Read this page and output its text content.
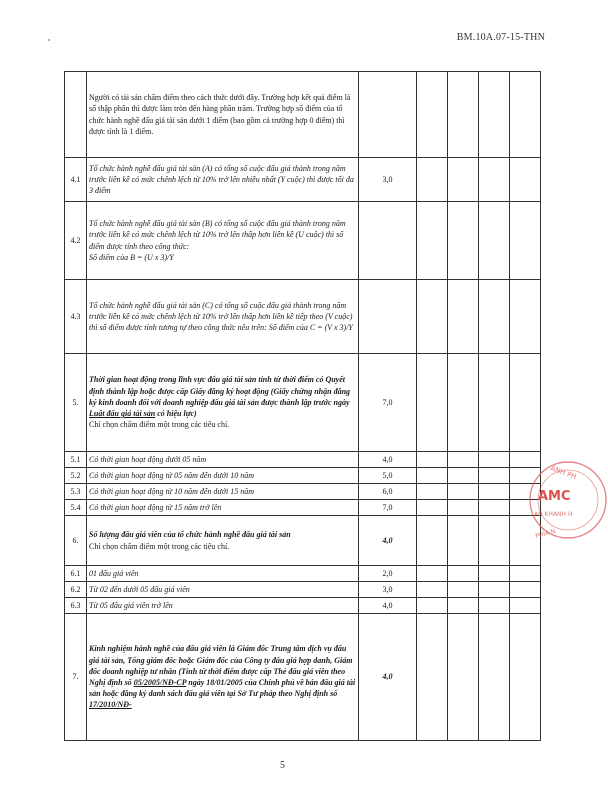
BM.10A.07-15-THN
	Người có tài sản chấm điểm theo cách thức dưới đây. Trường hợp kết quả điểm là số thập phân thì được làm tròn đến hàng phần trăm. Trường hợp số điểm của tổ chức hành nghề đấu giá tài sản dưới 1 điểm (bao gồm cả trường hợp 0 điểm) thì được tính là 1 điểm.					
4.1	Tổ chức hành nghề đấu giá tài sản (A) có tổng số cuộc đấu giá thành trong năm trước liền kề có mức chênh lệch từ 10% trở lên nhiều nhất (Y cuộc) thì được tối đa 3 điểm	3,0				
4.2	Tổ chức hành nghề đấu giá tài sản (B) có tổng số cuộc đấu giá thành trong năm trước liền kề có mức chênh lệch từ 10% trở lên thấp hơn liền kề (U cuộc) thì số điểm được tính theo công thức:
Số điểm của B = (U x 3)/Y					

4.3	Tổ chức hành nghề đấu giá tài sản (C) có tổng số cuộc đấu giá thành trong năm trước liền kề có mức chênh lệch từ 10% trở lên thấp hơn liền kề tiếp theo (V cuộc) thì số điểm được tính tương tự theo công thức nêu trên: Số điểm của C = (V x 3)/Y					
5.	Thời gian hoạt động trong lĩnh vực đấu giá tài sản tính từ thời điểm có Quyết định thành lập hoặc được cấp Giấy đăng ký hoạt động (Giấy chứng nhận đăng ký kinh doanh đối với doanh nghiệp đấu giá tài sản được thành lập trước ngày Luật đấu giá tài sản có hiệu lực)
Chỉ chọn chấm điểm một trong các tiêu chí.	7,0				
5.1	Có thời gian hoạt động dưới 05 năm	4,0				
5.2	Có thời gian hoạt động từ 05 năm đến dưới 10 năm	5,0				
5.3	Có thời gian hoạt động từ 10 năm đến dưới 15 năm	6,0				
5.4	Có thời gian hoạt động từ 15 năm trở lên	7,0				
6.	Số lượng đấu giá viên của tổ chức hành nghề đấu giá tài sản
Chỉ chọn chấm điểm một trong các tiêu chí.	4,0				
6.1	01 đấu giá viên	2,0				
6.2	Từ 02 đến dưới 05 đấu giá viên	3,0				
6.3	Từ 05 đấu giá viên trở lên	4,0				
7.	Kinh nghiệm hành nghề của đấu giá viên là Giám đốc Trung tâm dịch vụ đấu giá tài sản, Tổng giám đốc hoặc Giám đốc của Công ty đấu giá hợp danh, Giám đốc doanh nghiệp tư nhân (Tính từ thời điểm được cấp Thẻ đấu giá viên theo Nghị định số 05/2005/NĐ-CP ngày 18/01/2005 của Chính phủ về bán đấu giá tài sản hoặc đăng ký danh sách đấu giá viên tại Sở Tư pháp theo Nghị định số 17/2010/NĐ-	4,0				
ÀNH PH
AMC
ÁN KHÁNH H
PHÍA N
5
